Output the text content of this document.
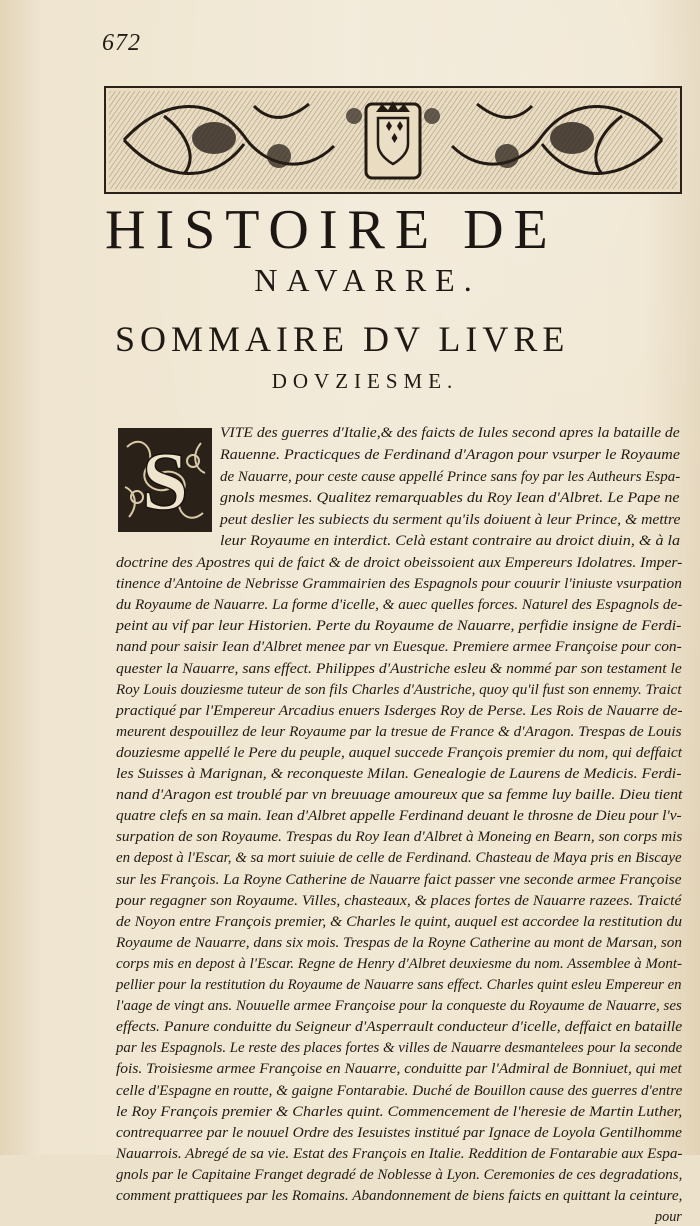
672
HISTOIRE DE
NAVARRE.
SOMMAIRE DV LIVRE
DOVZIESME.
S
VITE des guerres d'Italie,& des faicts de Iules second apres la bataille de
Rauenne. Practicques de Ferdinand d'Aragon pour vsurper le Royaume
de Nauarre, pour ceste cause appellé Prince sans foy par les Autheurs Espa-
gnols mesmes. Qualitez remarquables du Roy Iean d'Albret. Le Pape ne
peut deslier les subiects du serment qu'ils doiuent à leur Prince, & mettre
leur Royaume en interdict. Celà estant contraire au droict diuin, & à la
doctrine des Apostres qui de faict & de droict obeissoient aux Empereurs Idolatres. Imper-
tinence d'Antoine de Nebrisse Grammairien des Espagnols pour couurir l'iniuste vsurpation
du Royaume de Nauarre. La forme d'icelle, & auec quelles forces. Naturel des Espagnols de-
peint au vif par leur Historien. Perte du Royaume de Nauarre, perfidie insigne de Ferdi-
nand pour saisir Iean d'Albret menee par vn Euesque. Premiere armee Françoise pour con-
quester la Nauarre, sans effect. Philippes d'Austriche esleu & nommé par son testament le
Roy Louis douziesme tuteur de son fils Charles d'Austriche, quoy qu'il fust son ennemy. Traict
practiqué par l'Empereur Arcadius enuers Isderges Roy de Perse. Les Rois de Nauarre de-
meurent despouillez de leur Royaume par la tresue de France & d'Aragon. Trespas de Louis
douziesme appellé le Pere du peuple, auquel succede François premier du nom, qui deffaict
les Suisses à Marignan, & reconqueste Milan. Genealogie de Laurens de Medicis. Ferdi-
nand d'Aragon est troublé par vn breuuage amoureux que sa femme luy baille. Dieu tient
quatre clefs en sa main. Iean d'Albret appelle Ferdinand deuant le throsne de Dieu pour l'v-
surpation de son Royaume. Trespas du Roy Iean d'Albret à Moneing en Bearn, son corps mis
en depost à l'Escar, & sa mort suiuie de celle de Ferdinand. Chasteau de Maya pris en Biscaye
sur les François. La Royne Catherine de Nauarre faict passer vne seconde armee Françoise
pour regagner son Royaume. Villes, chasteaux, & places fortes de Nauarre razees. Traicté
de Noyon entre François premier, & Charles le quint, auquel est accordee la restitution du
Royaume de Nauarre, dans six mois. Trespas de la Royne Catherine au mont de Marsan, son
corps mis en depost à l'Escar. Regne de Henry d'Albret deuxiesme du nom. Assemblee à Mont-
pellier pour la restitution du Royaume de Nauarre sans effect. Charles quint esleu Empereur en
l'aage de vingt ans. Nouuelle armee Françoise pour la conqueste du Royaume de Nauarre, ses
effects. Panure conduitte du Seigneur d'Asperrault conducteur d'icelle, deffaict en bataille
par les Espagnols. Le reste des places fortes & villes de Nauarre desmantelees pour la seconde
fois. Troisiesme armee Françoise en Nauarre, conduitte par l'Admiral de Bonniuet, qui met
celle d'Espagne en routte, & gaigne Fontarabie. Duché de Bouillon cause des guerres d'entre
le Roy François premier & Charles quint. Commencement de l'heresie de Martin Luther,
contrequarree par le nouuel Ordre des Iesuistes institué par Ignace de Loyola Gentilhomme
Nauarrois. Abregé de sa vie. Estat des François en Italie. Reddition de Fontarabie aux Espa-
gnols par le Capitaine Franget degradé de Noblesse à Lyon. Ceremonies de ces degradations,
comment prattiquees par les Romains. Abandonnement de biens faicts en quittant la ceinture,
pour
